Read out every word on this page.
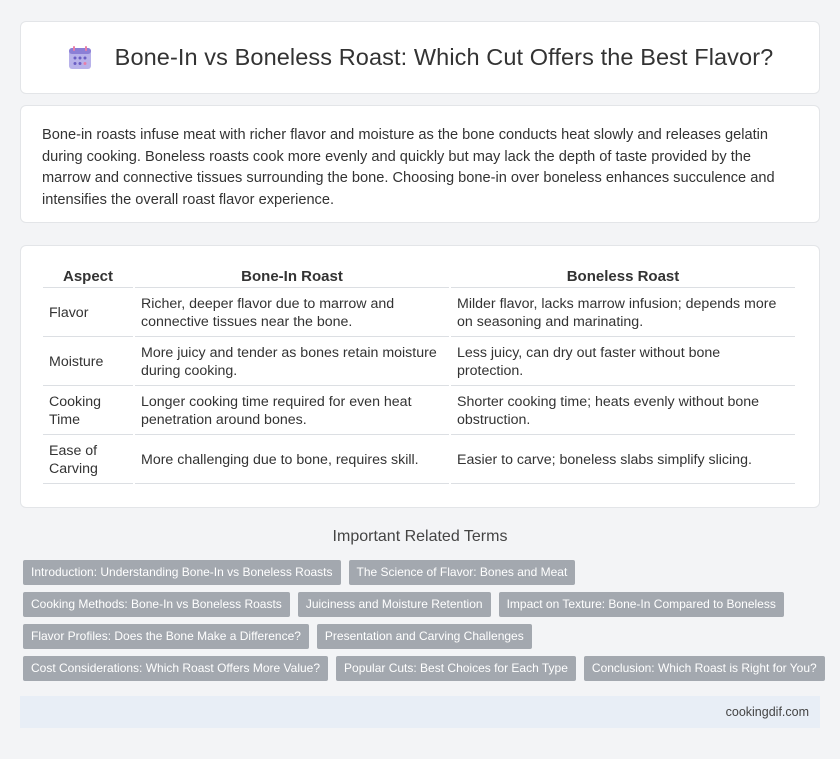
Bone-In vs Boneless Roast: Which Cut Offers the Best Flavor?

Bone-in roasts infuse meat with richer flavor and moisture as the bone conducts heat slowly and releases gelatin during cooking. Boneless roasts cook more evenly and quickly but may lack the depth of taste provided by the marrow and connective tissues surrounding the bone. Choosing bone-in over boneless enhances succulence and intensifies the overall roast flavor experience.

Aspect	Bone-In Roast	Boneless Roast
Flavor	Richer, deeper flavor due to marrow and connective tissues near the bone.	Milder flavor, lacks marrow infusion; depends more on seasoning and marinating.
Moisture	More juicy and tender as bones retain moisture during cooking.	Less juicy, can dry out faster without bone protection.
Cooking Time	Longer cooking time required for even heat penetration around bones.	Shorter cooking time; heats evenly without bone obstruction.
Ease of Carving	More challenging due to bone, requires skill.	Easier to carve; boneless slabs simplify slicing.
Important Related Terms
Introduction: Understanding Bone-In vs Boneless Roasts	The Science of Flavor: Bones and Meat
Cooking Methods: Bone-In vs Boneless Roasts	Juiciness and Moisture Retention	Impact on Texture: Bone-In Compared to Boneless
Flavor Profiles: Does the Bone Make a Difference?	Presentation and Carving Challenges
Cost Considerations: Which Roast Offers More Value?	Popular Cuts: Best Choices for Each Type	Conclusion: Which Roast is Right for You?
cookingdif.com
